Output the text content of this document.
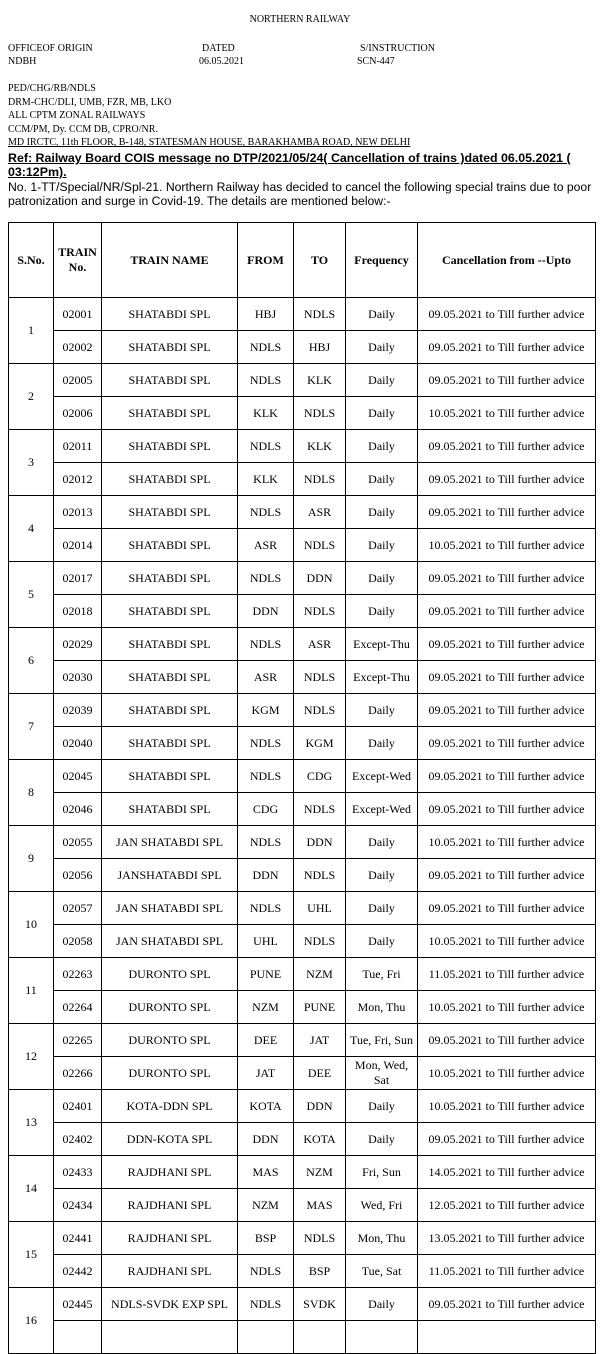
NORTHERN RAILWAY
OFFICEOF ORIGIN
NDBH
DATED
06.05.2021
S/INSTRUCTION
SCN-447
PED/CHG/RB/NDLS
DRM-CHC/DLI, UMB, FZR, MB, LKO
ALL CPTM ZONAL RAILWAYS
CCM/PM, Dy. CCM DB, CPRO/NR.
MD IRCTC, 11th FLOOR, B-148, STATESMAN HOUSE, BARAKHAMBA ROAD, NEW DELHI
Ref: Railway Board COIS message no DTP/2021/05/24( Cancellation of trains )dated 06.05.2021 ( 03:12Pm).
No. 1-TT/Special/NR/Spl-21. Northern Railway has decided to cancel the following special trains due to poor patronization and surge in Covid-19. The details are mentioned below:-
S.No.	TRAIN No.	TRAIN NAME	FROM	TO	Frequency	Cancellation from --Upto
1	02001	SHATABDI SPL	HBJ	NDLS	Daily	09.05.2021 to Till further advice
	02002	SHATABDI SPL	NDLS	HBJ	Daily	09.05.2021 to Till further advice
2	02005	SHATABDI SPL	NDLS	KLK	Daily	09.05.2021 to Till further advice
	02006	SHATABDI SPL	KLK	NDLS	Daily	10.05.2021 to Till further advice
3	02011	SHATABDI SPL	NDLS	KLK	Daily	09.05.2021 to Till further advice
	02012	SHATABDI SPL	KLK	NDLS	Daily	09.05.2021 to Till further advice
4	02013	SHATABDI SPL	NDLS	ASR	Daily	09.05.2021 to Till further advice
	02014	SHATABDI SPL	ASR	NDLS	Daily	10.05.2021 to Till further advice
5	02017	SHATABDI SPL	NDLS	DDN	Daily	09.05.2021 to Till further advice
	02018	SHATABDI SPL	DDN	NDLS	Daily	09.05.2021 to Till further advice
6	02029	SHATABDI SPL	NDLS	ASR	Except-Thu	09.05.2021 to Till further advice
	02030	SHATABDI SPL	ASR	NDLS	Except-Thu	09.05.2021 to Till further advice
7	02039	SHATABDI SPL	KGM	NDLS	Daily	09.05.2021 to Till further advice
	02040	SHATABDI SPL	NDLS	KGM	Daily	09.05.2021 to Till further advice
8	02045	SHATABDI SPL	NDLS	CDG	Except-Wed	09.05.2021 to Till further advice
	02046	SHATABDI SPL	CDG	NDLS	Except-Wed	09.05.2021 to Till further advice
9	02055	JAN SHATABDI SPL	NDLS	DDN	Daily	10.05.2021 to Till further advice
	02056	JANSHATABDI SPL	DDN	NDLS	Daily	09.05.2021 to Till further advice
10	02057	JAN SHATABDI SPL	NDLS	UHL	Daily	09.05.2021 to Till further advice
	02058	JAN SHATABDI SPL	UHL	NDLS	Daily	10.05.2021 to Till further advice
11	02263	DURONTO SPL	PUNE	NZM	Tue, Fri	11.05.2021 to Till further advice
	02264	DURONTO SPL	NZM	PUNE	Mon, Thu	10.05.2021 to Till further advice
12	02265	DURONTO SPL	DEE	JAT	Tue, Fri, Sun	09.05.2021 to Till further advice
	02266	DURONTO SPL	JAT	DEE	Mon, Wed, Sat	10.05.2021 to Till further advice
13	02401	KOTA-DDN SPL	KOTA	DDN	Daily	10.05.2021 to Till further advice
	02402	DDN-KOTA SPL	DDN	KOTA	Daily	09.05.2021 to Till further advice
14	02433	RAJDHANI SPL	MAS	NZM	Fri, Sun	14.05.2021 to Till further advice
	02434	RAJDHANI SPL	NZM	MAS	Wed, Fri	12.05.2021 to Till further advice
15	02441	RAJDHANI SPL	BSP	NDLS	Mon, Thu	13.05.2021 to Till further advice
	02442	RAJDHANI SPL	NDLS	BSP	Tue, Sat	11.05.2021 to Till further advice
16	02445	NDLS-SVDK EXP SPL	NDLS	SVDK	Daily	09.05.2021 to Till further advice
